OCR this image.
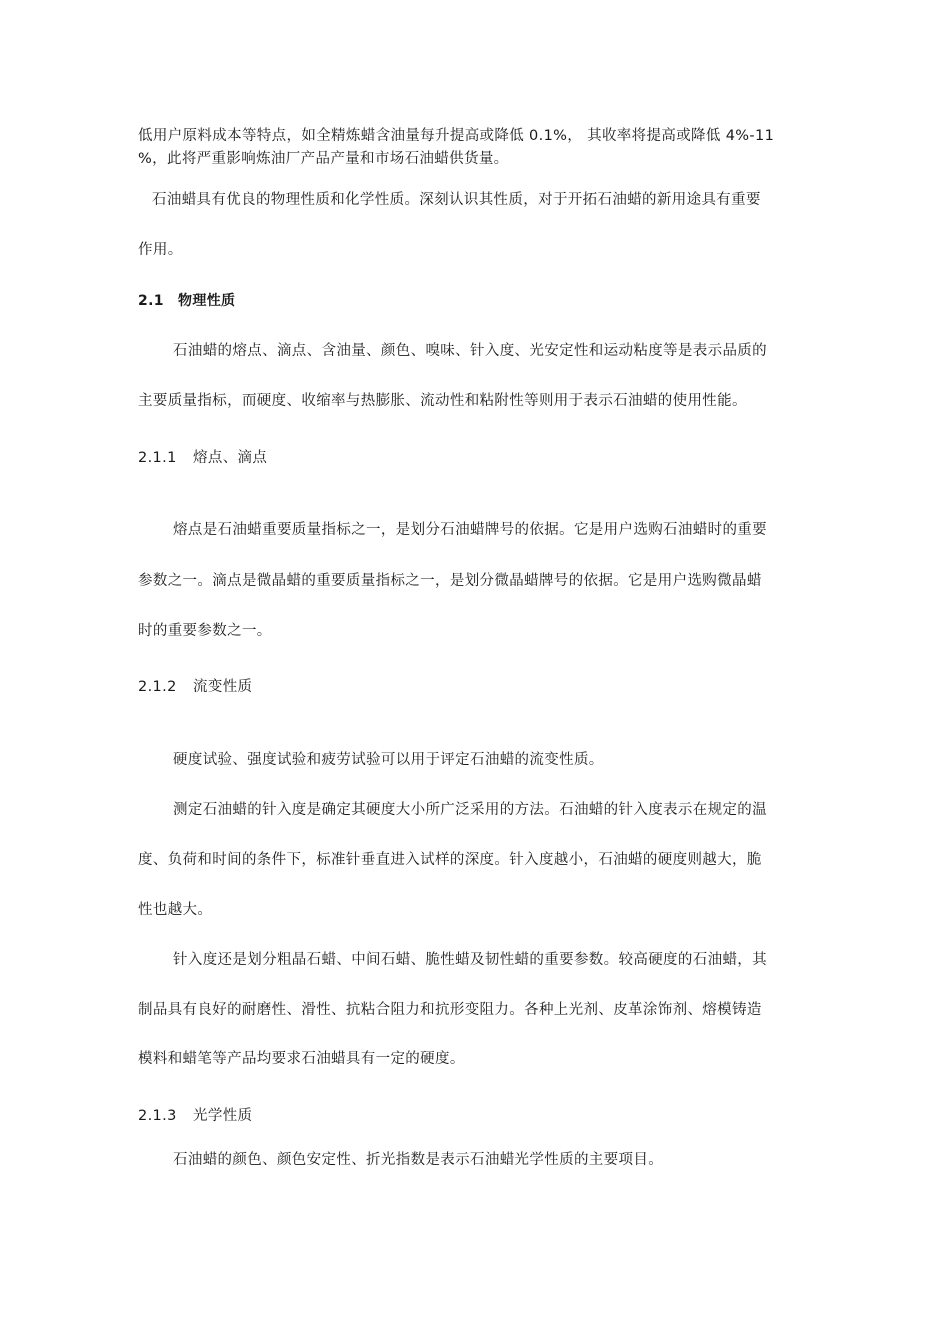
低用户原料成本等特点，如全精炼蜡含油量每升提高或降低 0.1%， 其收率将提高或降低 4%-11
%，此将严重影响炼油厂产品产量和市场石油蜡供货量。
石油蜡具有优良的物理性质和化学性质。深刻认识其性质，对于开拓石油蜡的新用途具有重要
作用。
2.1 物理性质
石油蜡的熔点、滴点、含油量、颜色、嗅味、针入度、光安定性和运动粘度等是表示品质的
主要质量指标，而硬度、收缩率与热膨胀、流动性和粘附性等则用于表示石油蜡的使用性能。
2.1.1 熔点、滴点
熔点是石油蜡重要质量指标之一，是划分石油蜡牌号的依据。它是用户选购石油蜡时的重要
参数之一。滴点是微晶蜡的重要质量指标之一，是划分微晶蜡牌号的依据。它是用户选购微晶蜡
时的重要参数之一。
2.1.2 流变性质
硬度试验、强度试验和疲劳试验可以用于评定石油蜡的流变性质。
测定石油蜡的针入度是确定其硬度大小所广泛采用的方法。石油蜡的针入度表示在规定的温
度、负荷和时间的条件下，标准针垂直进入试样的深度。针入度越小，石油蜡的硬度则越大，脆
性也越大。
针入度还是划分粗晶石蜡、中间石蜡、脆性蜡及韧性蜡的重要参数。较高硬度的石油蜡，其
制品具有良好的耐磨性、滑性、抗粘合阻力和抗形变阻力。各种上光剂、皮革涂饰剂、熔模铸造
模料和蜡笔等产品均要求石油蜡具有一定的硬度。
2.1.3 光学性质
石油蜡的颜色、颜色安定性、折光指数是表示石油蜡光学性质的主要项目。
